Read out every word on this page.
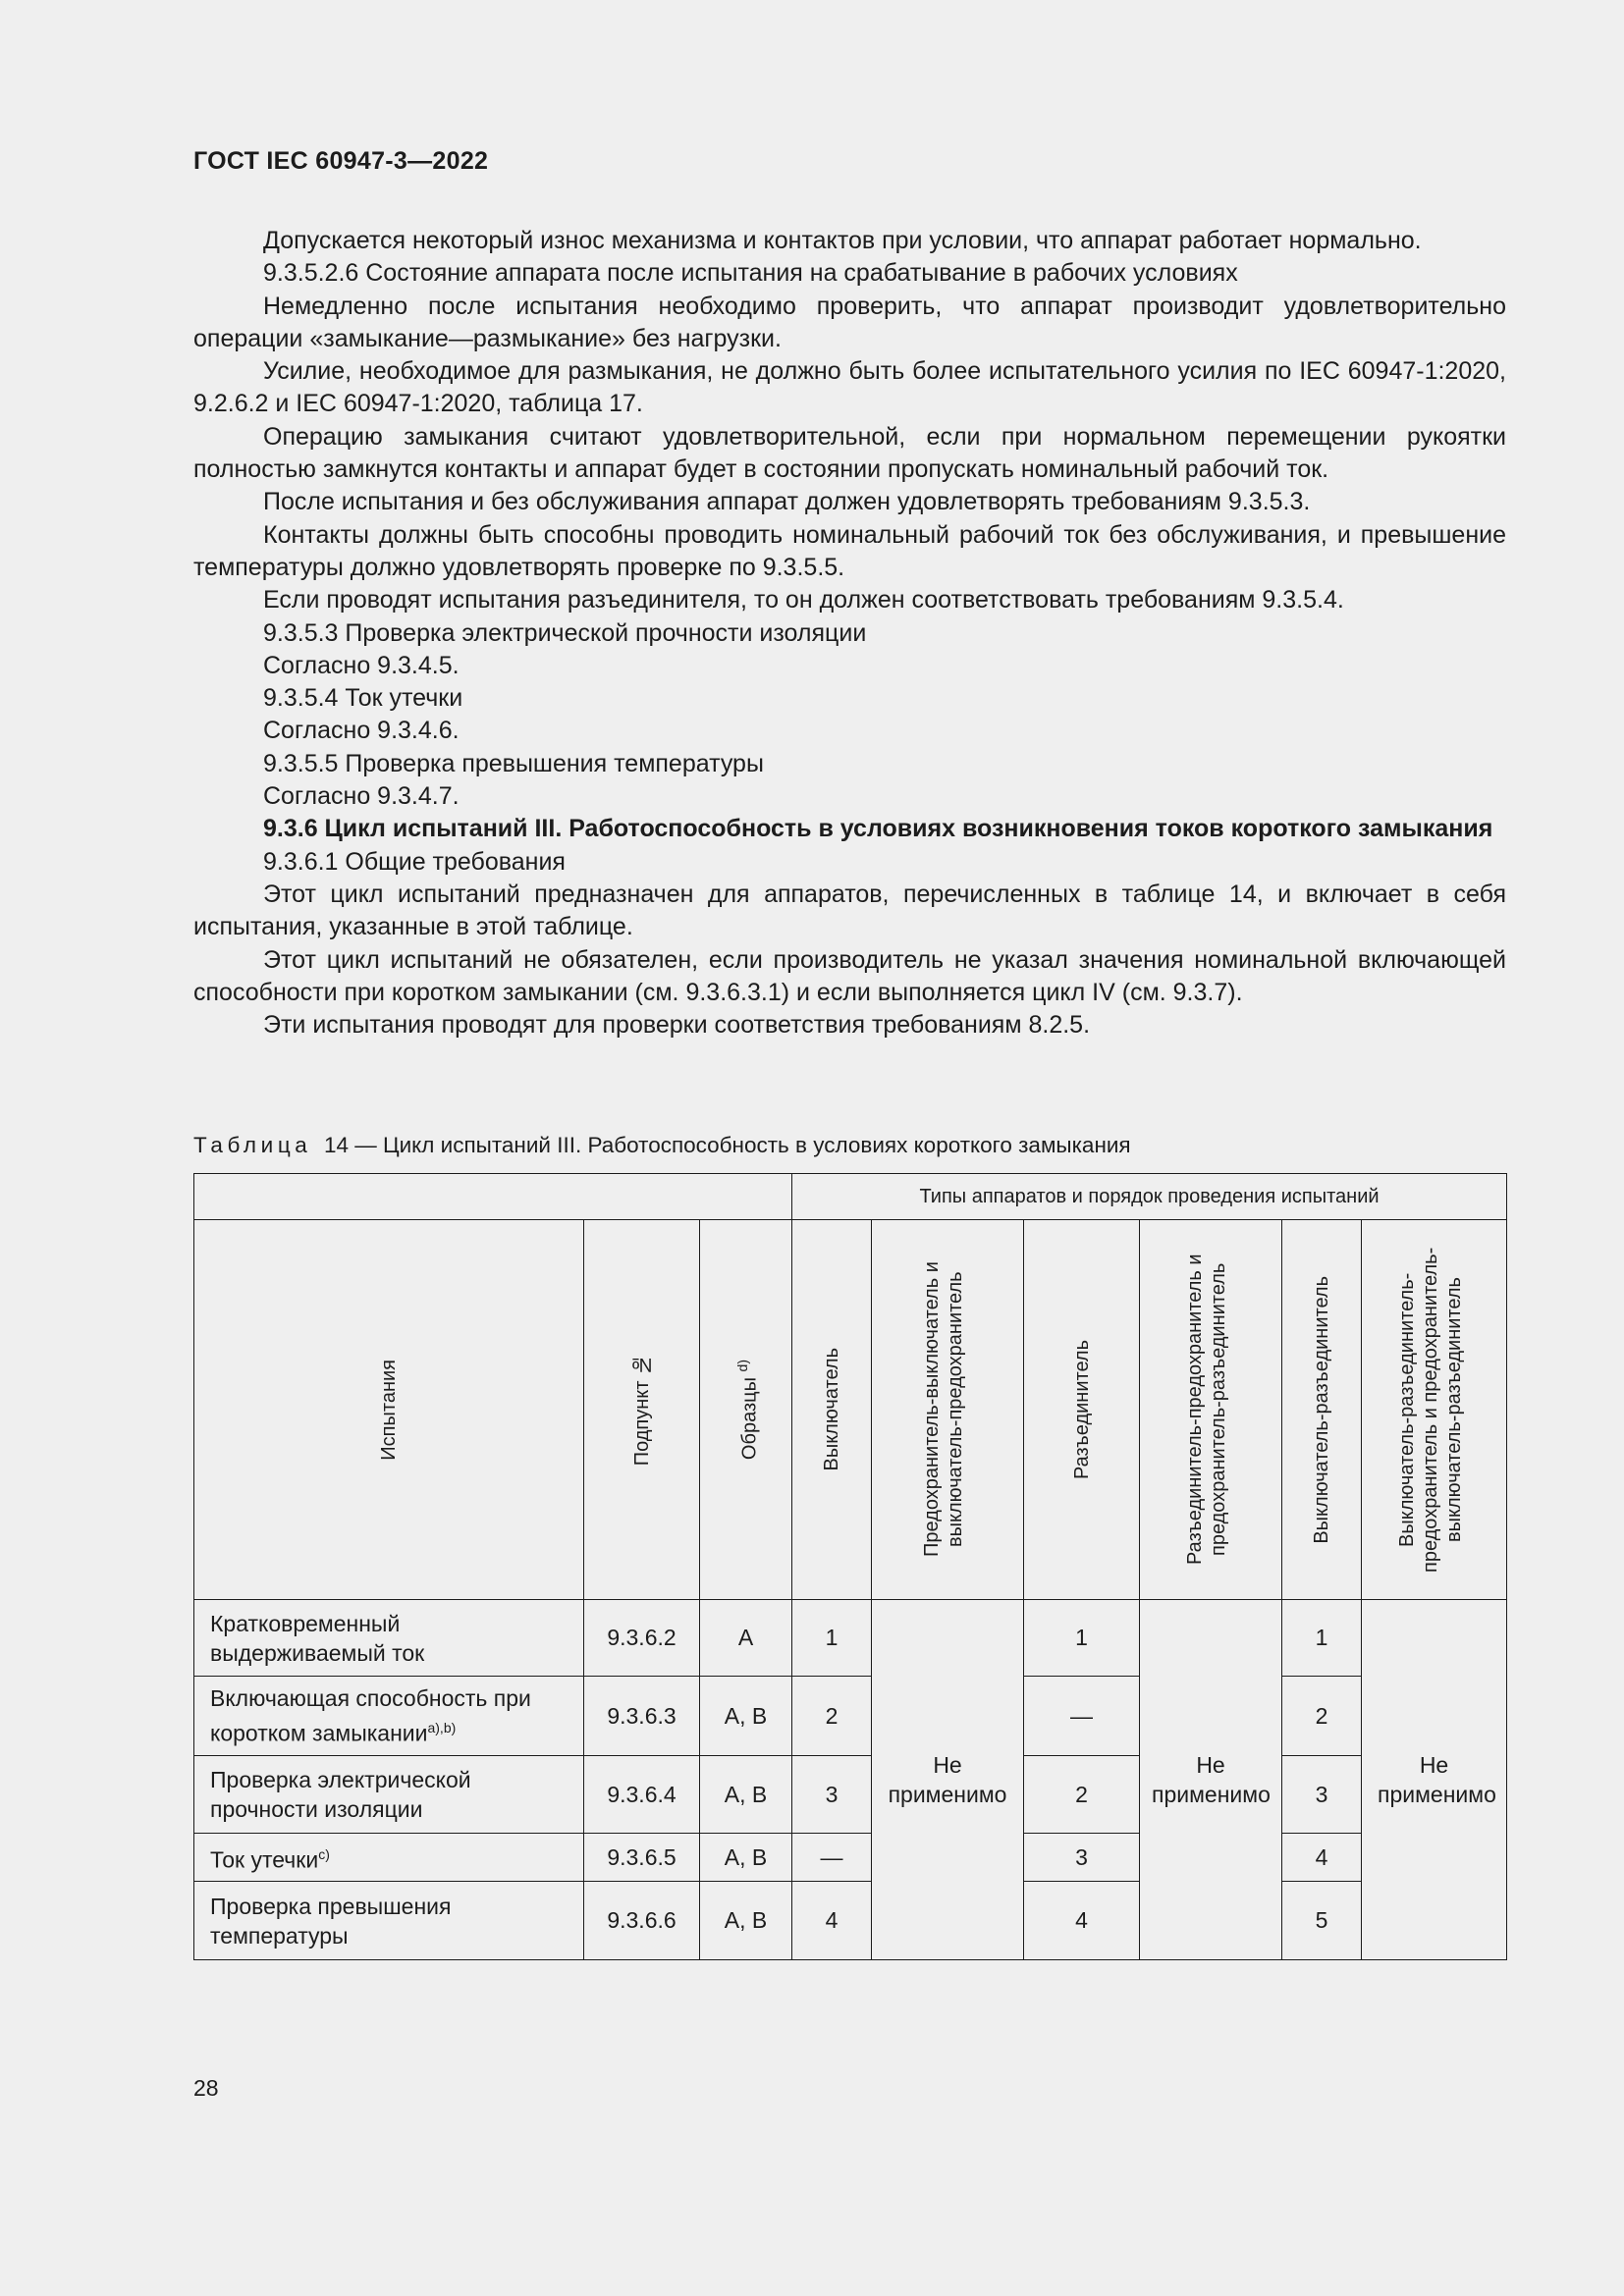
ГОСТ IEC 60947-3—2022

Допускается некоторый износ механизма и контактов при условии, что аппарат работает нормально.

9.3.5.2.6 Состояние аппарата после испытания на срабатывание в рабочих условиях

Немедленно после испытания необходимо проверить, что аппарат производит удовлетворительно операции «замыкание—размыкание» без нагрузки.

Усилие, необходимое для размыкания, не должно быть более испытательного усилия по IEC 60947-1:2020, 9.2.6.2 и IEC 60947-1:2020, таблица 17.

Операцию замыкания считают удовлетворительной, если при нормальном перемещении рукоятки полностью замкнутся контакты и аппарат будет в состоянии пропускать номинальный рабочий ток.

После испытания и без обслуживания аппарат должен удовлетворять требованиям 9.3.5.3.

Контакты должны быть способны проводить номинальный рабочий ток без обслуживания, и превышение температуры должно удовлетворять проверке по 9.3.5.5.

Если проводят испытания разъединителя, то он должен соответствовать требованиям 9.3.5.4.

9.3.5.3 Проверка электрической прочности изоляции

Согласно 9.3.4.5.

9.3.5.4 Ток утечки

Согласно 9.3.4.6.

9.3.5.5 Проверка превышения температуры

Согласно 9.3.4.7.

9.3.6 Цикл испытаний III. Работоспособность в условиях возникновения токов короткого замыкания

9.3.6.1 Общие требования

Этот цикл испытаний предназначен для аппаратов, перечисленных в таблице 14, и включает в себя испытания, указанные в этой таблице.

Этот цикл испытаний не обязателен, если производитель не указал значения номинальной включающей способности при коротком замыкании (см. 9.3.6.3.1) и если выполняется цикл IV (см. 9.3.7).

Эти испытания проводят для проверки соответствия требованиям 8.2.5.

Таблица 14 — Цикл испытаний III. Работоспособность в условиях короткого замыкания
			Типы аппаратов и порядок проведения испытаний					

Испытания	Подпункт №	Образцы $^{d)}$	Выключатель	Предохранитель-выключатель и выключатель-предохранитель	Разъединитель	Разъединитель-предохранитель и предохранитель-разъединитель	Выключатель-разъединитель	Выключатель-разъединитель-предохранитель и предохранитель-выключатель-разъединитель

Кратковременный выдерживаемый ток	9.3.6.2	A	1	Не применимо	1	Не применимо	1	Не применимо
Включающая способность при коротком замыкании$^{a),b)}$	9.3.6.3	A, B	2		—		2	
Проверка электрической прочности изоляции	9.3.6.4	A, B	3		2		3	
Ток утечки$^{c)}$	9.3.6.5	A, B	—		3		4	
Проверка превышения температуры	9.3.6.6	A, B	4		4		5	
28
